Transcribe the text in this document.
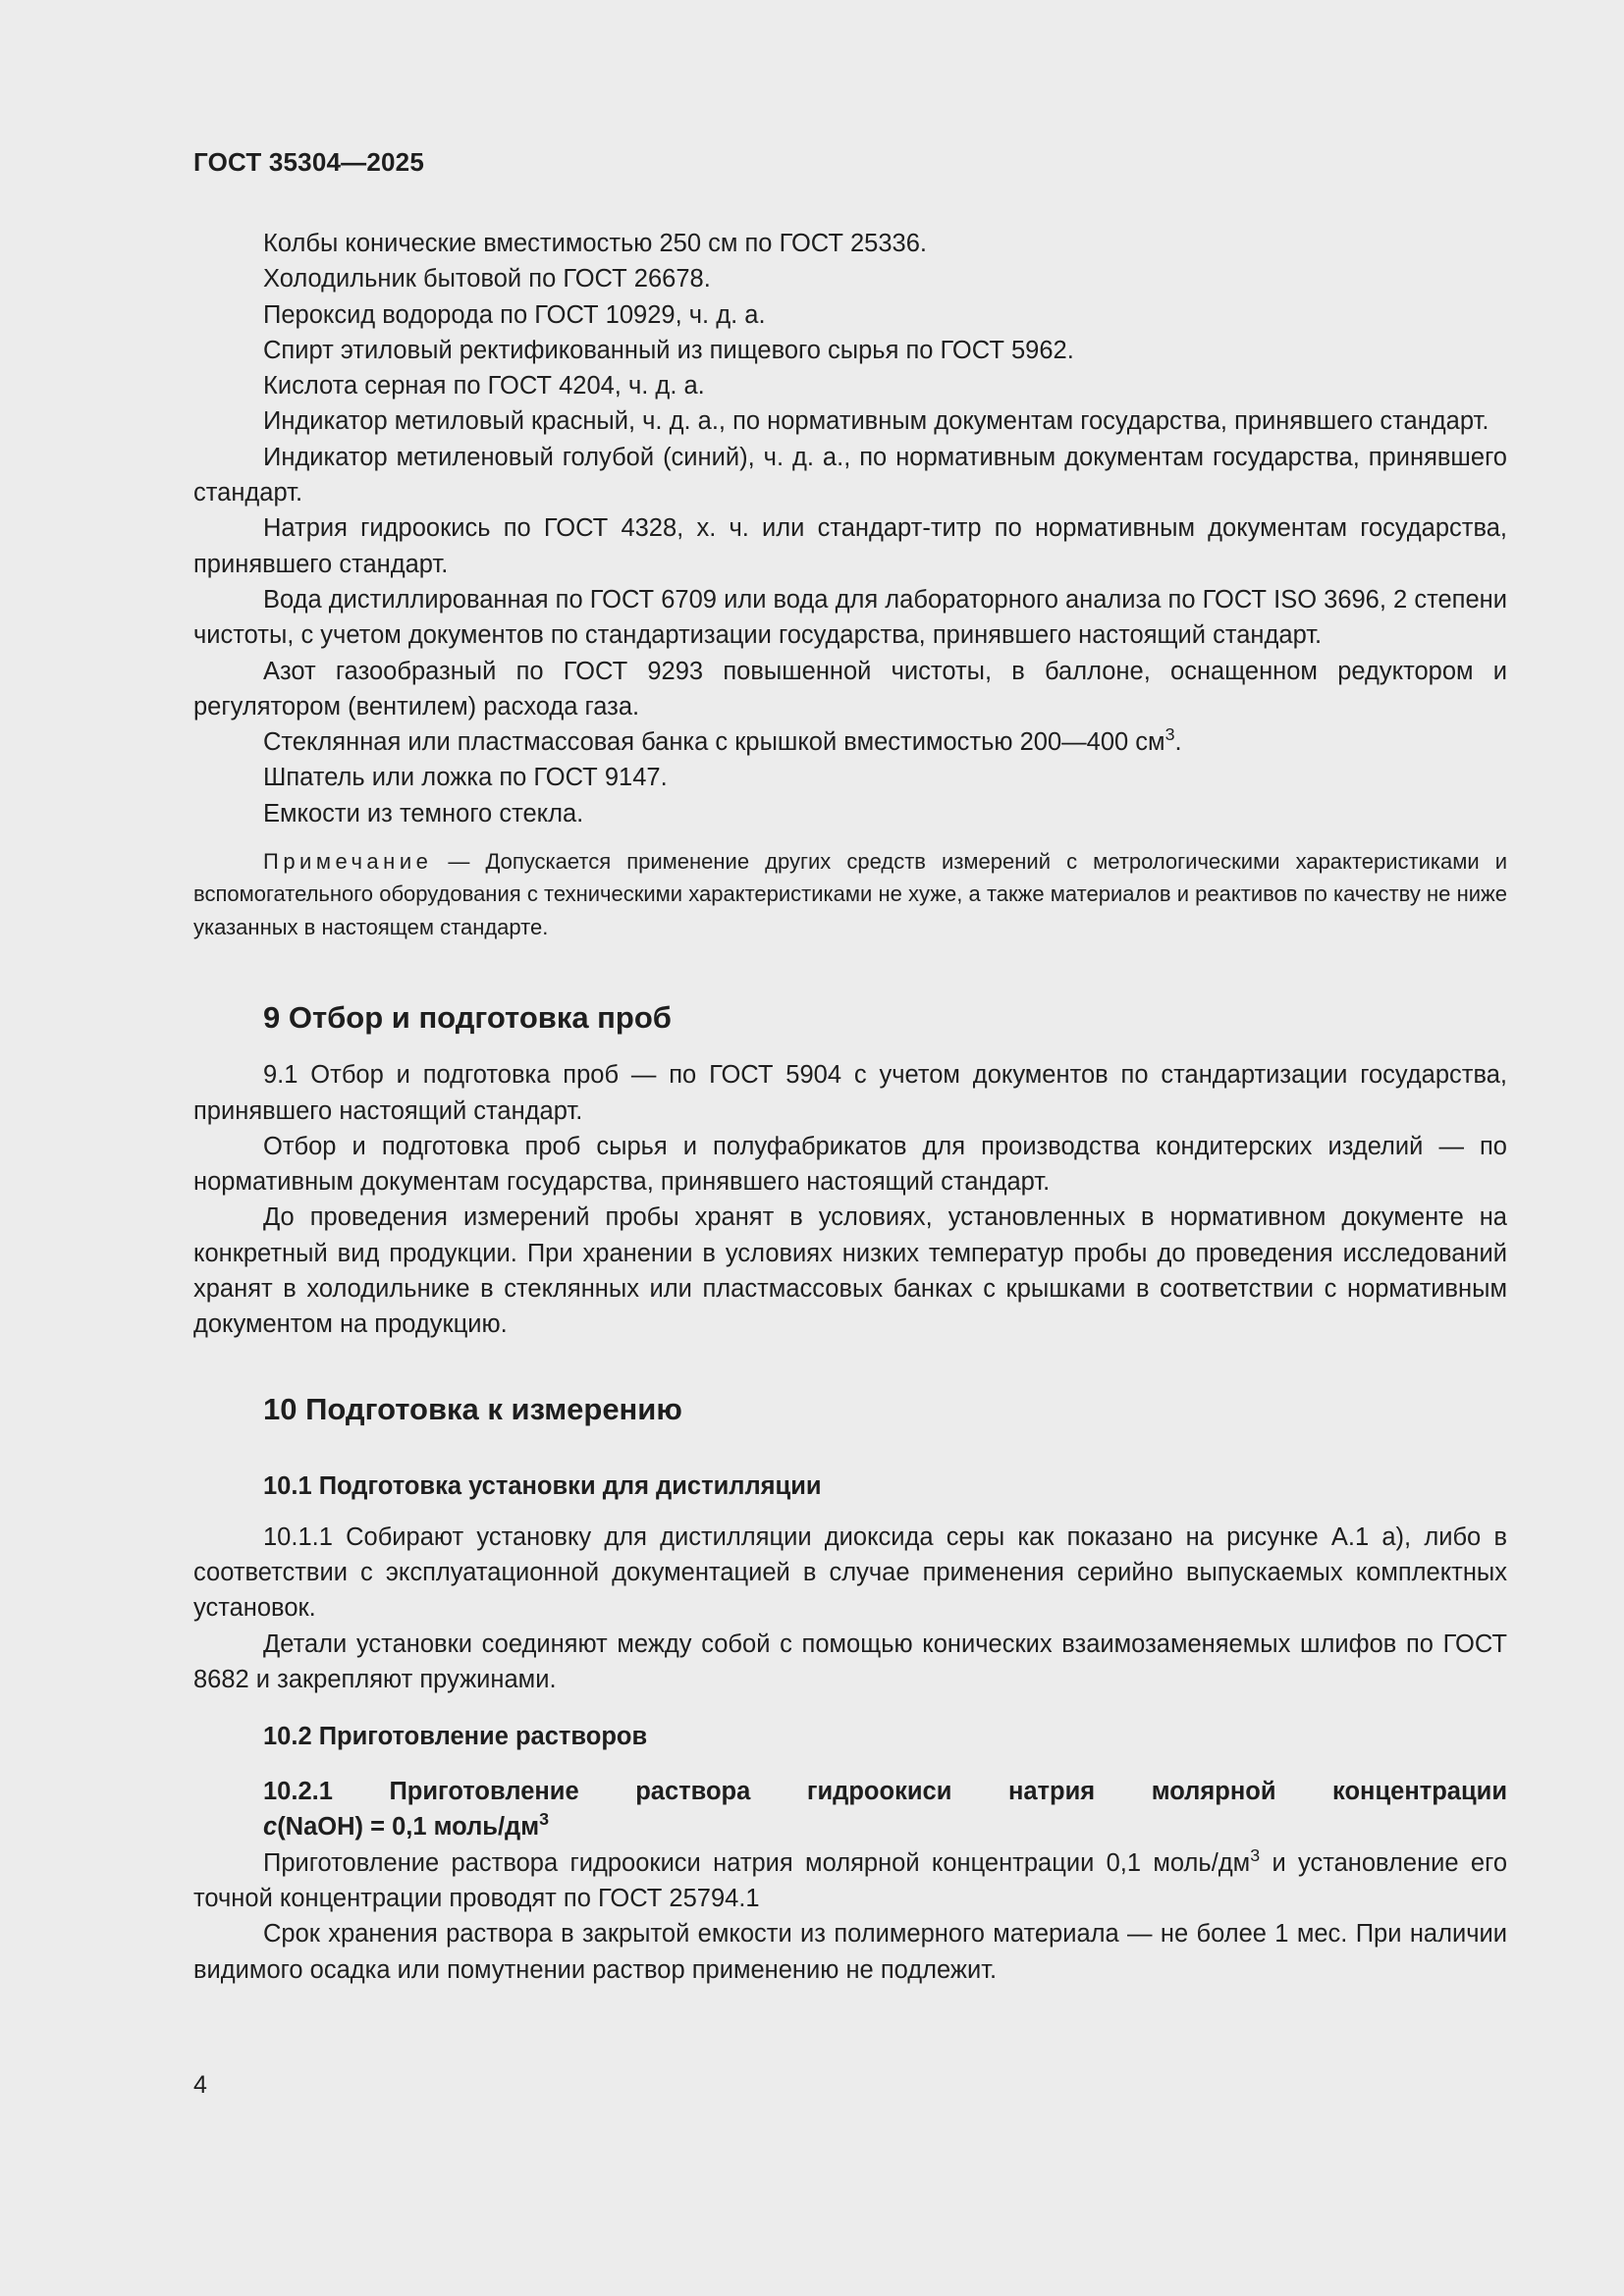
ГОСТ 35304—2025

Колбы конические вместимостью 250 см по ГОСТ 25336.

Холодильник бытовой по ГОСТ 26678.

Пероксид водорода по ГОСТ 10929, ч. д. а.

Спирт этиловый ректификованный из пищевого сырья по ГОСТ 5962.

Кислота серная по ГОСТ 4204, ч. д. а.

Индикатор метиловый красный, ч. д. а., по нормативным документам государства, принявшего стандарт.

Индикатор метиленовый голубой (синий), ч. д. а., по нормативным документам государства, принявшего стандарт.

Натрия гидроокись по ГОСТ 4328, х. ч. или стандарт-титр по нормативным документам государства, принявшего стандарт.

Вода дистиллированная по ГОСТ 6709 или вода для лабораторного анализа по ГОСТ ISO 3696, 2 степени чистоты, с учетом документов по стандартизации государства, принявшего настоящий стандарт.

Азот газообразный по ГОСТ 9293 повышенной чистоты, в баллоне, оснащенном редуктором и регулятором (вентилем) расхода газа.

Стеклянная или пластмассовая банка с крышкой вместимостью 200—400 $см^3$.

Шпатель или ложка по ГОСТ 9147.

Емкости из темного стекла.

Примечание — Допускается применение других средств измерений с метрологическими характеристиками и вспомогательного оборудования с техническими характеристиками не хуже, а также материалов и реактивов по качеству не ниже указанных в настоящем стандарте.

9 Отбор и подготовка проб

9.1 Отбор и подготовка проб — по ГОСТ 5904 с учетом документов по стандартизации государства, принявшего настоящий стандарт.

Отбор и подготовка проб сырья и полуфабрикатов для производства кондитерских изделий — по нормативным документам государства, принявшего настоящий стандарт.

До проведения измерений пробы хранят в условиях, установленных в нормативном документе на конкретный вид продукции. При хранении в условиях низких температур пробы до проведения исследований хранят в холодильнике в стеклянных или пластмассовых банках с крышками в соответствии с нормативным документом на продукцию.

10 Подготовка к измерению
10.1 Подготовка установки для дистилляции

10.1.1 Собирают установку для дистилляции диоксида серы как показано на рисунке А.1 а), либо в соответствии с эксплуатационной документацией в случае применения серийно выпускаемых комплектных установок.

Детали установки соединяют между собой с помощью конических взаимозаменяемых шлифов по ГОСТ 8682 и закрепляют пружинами.

10.2 Приготовление растворов

10.2.1 Приготовление раствора гидроокиси натрия молярной концентрации

c(NaOH) = 0,1 моль/$дм^3$

Приготовление раствора гидроокиси натрия молярной концентрации 0,1 моль/$дм^3$ и установление его точной концентрации проводят по ГОСТ 25794.1

Срок хранения раствора в закрытой емкости из полимерного материала — не более 1 мес. При наличии видимого осадка или помутнении раствор применению не подлежит.

4
